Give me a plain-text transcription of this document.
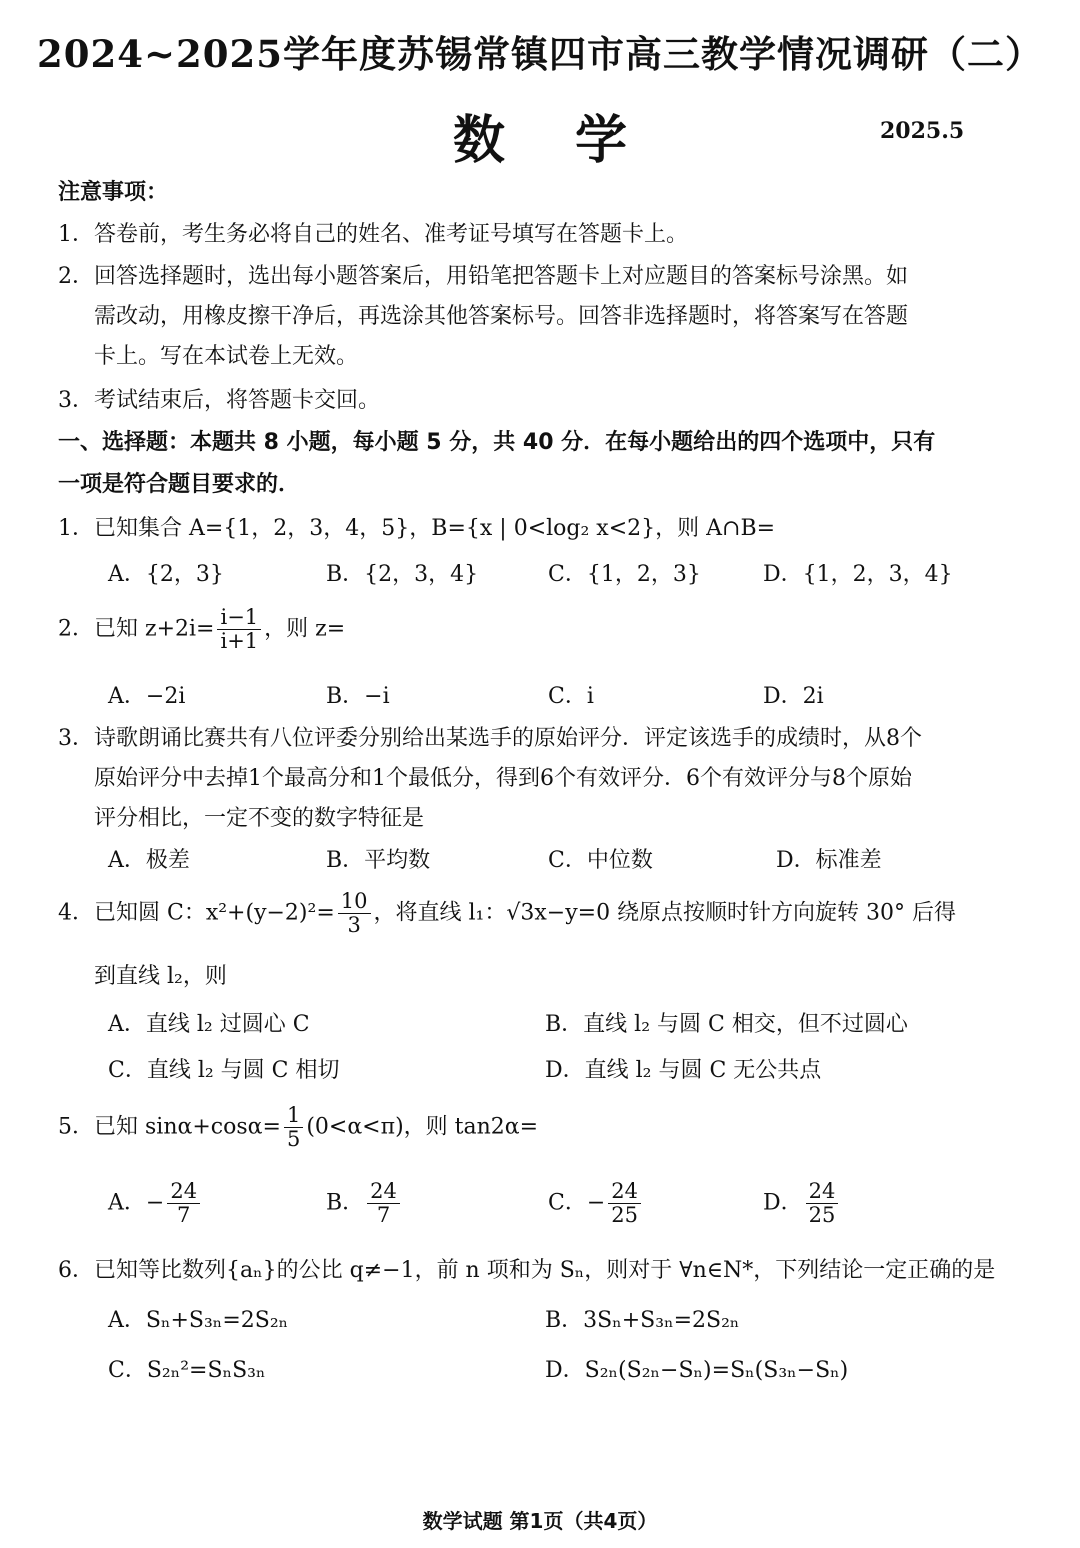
2024~2025学年度苏锡常镇四市高三教学情况调研（二）
数学	2025.5
注意事项：
1．答卷前，考生务必将自己的姓名、准考证号填写在答题卡上。
2．回答选择题时，选出每小题答案后，用铅笔把答题卡上对应题目的答案标号涂黑。如
需改动，用橡皮擦干净后，再选涂其他答案标号。回答非选择题时，将答案写在答题
卡上。写在本试卷上无效。
3．考试结束后，将答题卡交回。
一、选择题：本题共 8 小题，每小题 5 分，共 40 分．在每小题给出的四个选项中，只有
一项是符合题目要求的．
1．已知集合 A={1，2，3，4，5}，B={x | 0<log₂ x<2}，则 A∩B=
A．{2，3}	B．{2，3，4}	C．{1，2，3}	D．{1，2，3，4}
2．已知 $z+2i= \frac{i-1}{i+1}$ ，则 z=
A．−2i	B．−i	C．i	D．2i
3．诗歌朗诵比赛共有八位评委分别给出某选手的原始评分．评定该选手的成绩时，从8个
原始评分中去掉1个最高分和1个最低分，得到6个有效评分．6个有效评分与8个原始
评分相比，一定不变的数字特征是
A．极差	B．平均数	C．中位数	D．标准差
4．已知圆 C：$x^2+(y-2)^2= \frac{10}{3}$ ，将直线 l₁：√3x−y=0 绕原点按顺时针方向旋转 30° 后得
到直线 l₂，则
A．直线 l₂ 过圆心 C	B．直线 l₂ 与圆 C 相交，但不过圆心
C．直线 l₂ 与圆 C 相切	D．直线 l₂ 与圆 C 无公共点
5．已知 $\sin\alpha+\cos\alpha= \frac{1}{5} (0<\alpha<\pi)$，则 tan2α=
A．− $\frac{24}{7}$	B． $\frac{24}{7}$	C．− $\frac{24}{25}$	D． $\frac{24}{25}$
6．已知等比数列{aₙ}的公比 q≠−1，前 n 项和为 Sₙ，则对于 ∀n∈N*，下列结论一定正确的是
A．Sₙ+S₃ₙ=2S₂ₙ	B．3Sₙ+S₃ₙ=2S₂ₙ
C．S₂ₙ²=SₙS₃ₙ	D．S₂ₙ(S₂ₙ−Sₙ)=Sₙ(S₃ₙ−Sₙ)
数学试题 第1页（共4页）
